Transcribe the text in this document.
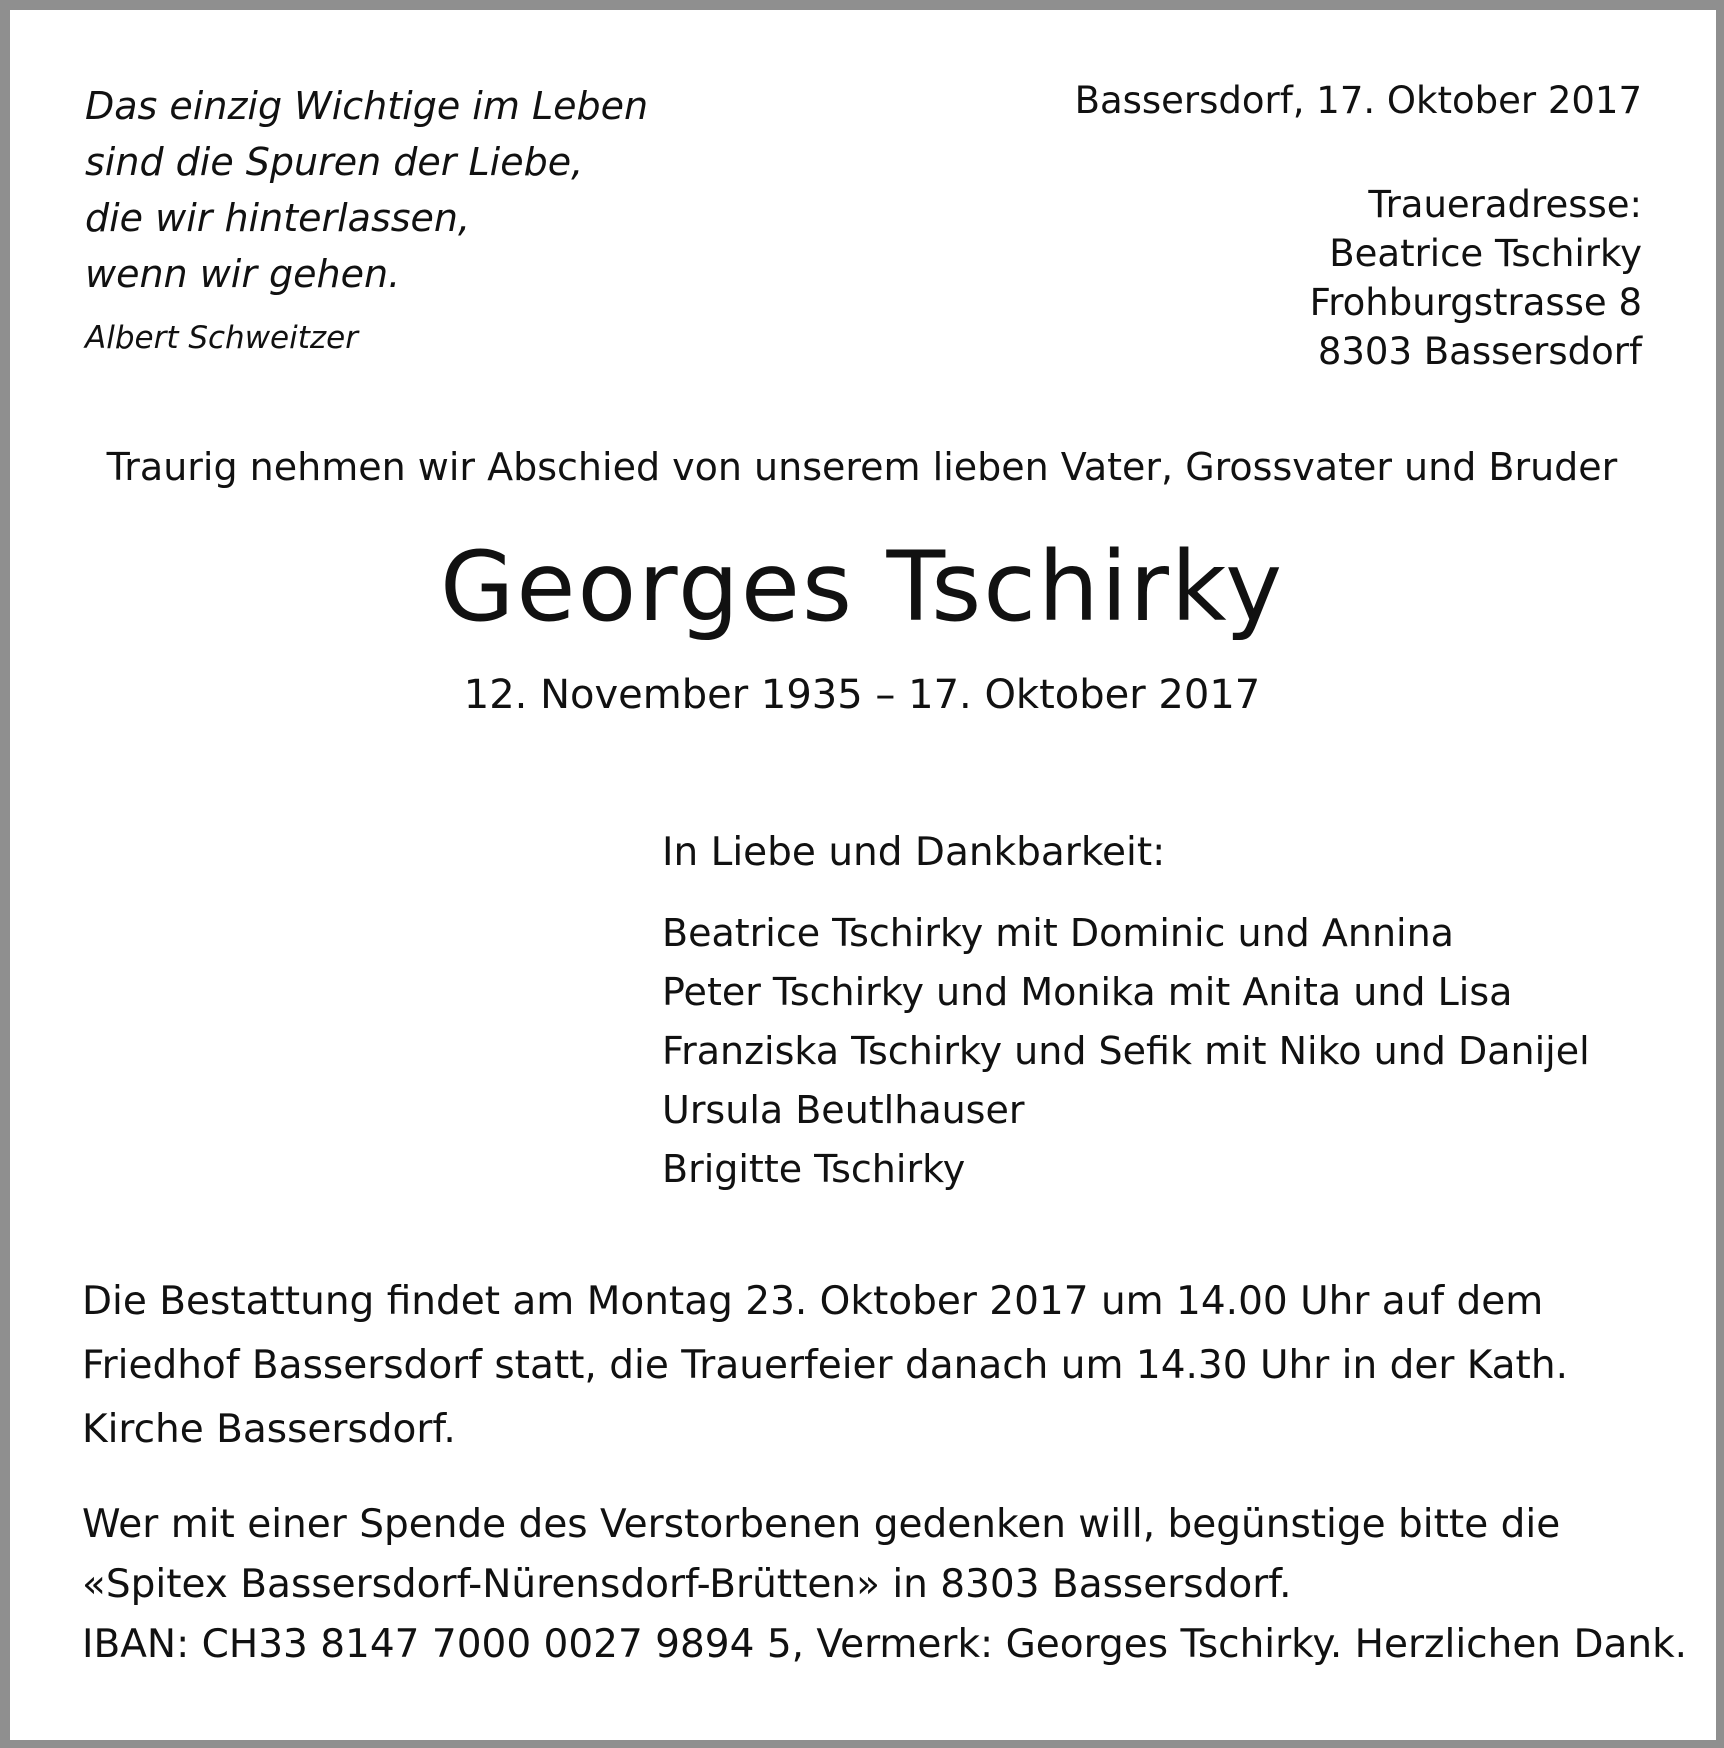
Das einzig Wichtige im Leben
sind die Spuren der Liebe,
die wir hinterlassen,
wenn wir gehen.
Albert Schweitzer
Bassersdorf, 17. Oktober 2017
Traueradresse:
Beatrice Tschirky
Frohburgstrasse 8
8303 Bassersdorf
Traurig nehmen wir Abschied von unserem lieben Vater, Grossvater und Bruder
Georges Tschirky
12. November 1935 – 17. Oktober 2017
In Liebe und Dankbarkeit:
Beatrice Tschirky mit Dominic und Annina
Peter Tschirky und Monika mit Anita und Lisa
Franziska Tschirky und Sefik mit Niko und Danijel
Ursula Beutlhauser
Brigitte Tschirky
Die Bestattung findet am Montag 23. Oktober 2017 um 14.00 Uhr auf dem
Friedhof Bassersdorf statt, die Trauerfeier danach um 14.30 Uhr in der Kath.
Kirche Bassersdorf.
Wer mit einer Spende des Verstorbenen gedenken will, begünstige bitte die
«Spitex Bassersdorf-Nürensdorf-Brütten» in 8303 Bassersdorf.
IBAN: CH33 8147 7000 0027 9894 5, Vermerk: Georges Tschirky. Herzlichen Dank.
